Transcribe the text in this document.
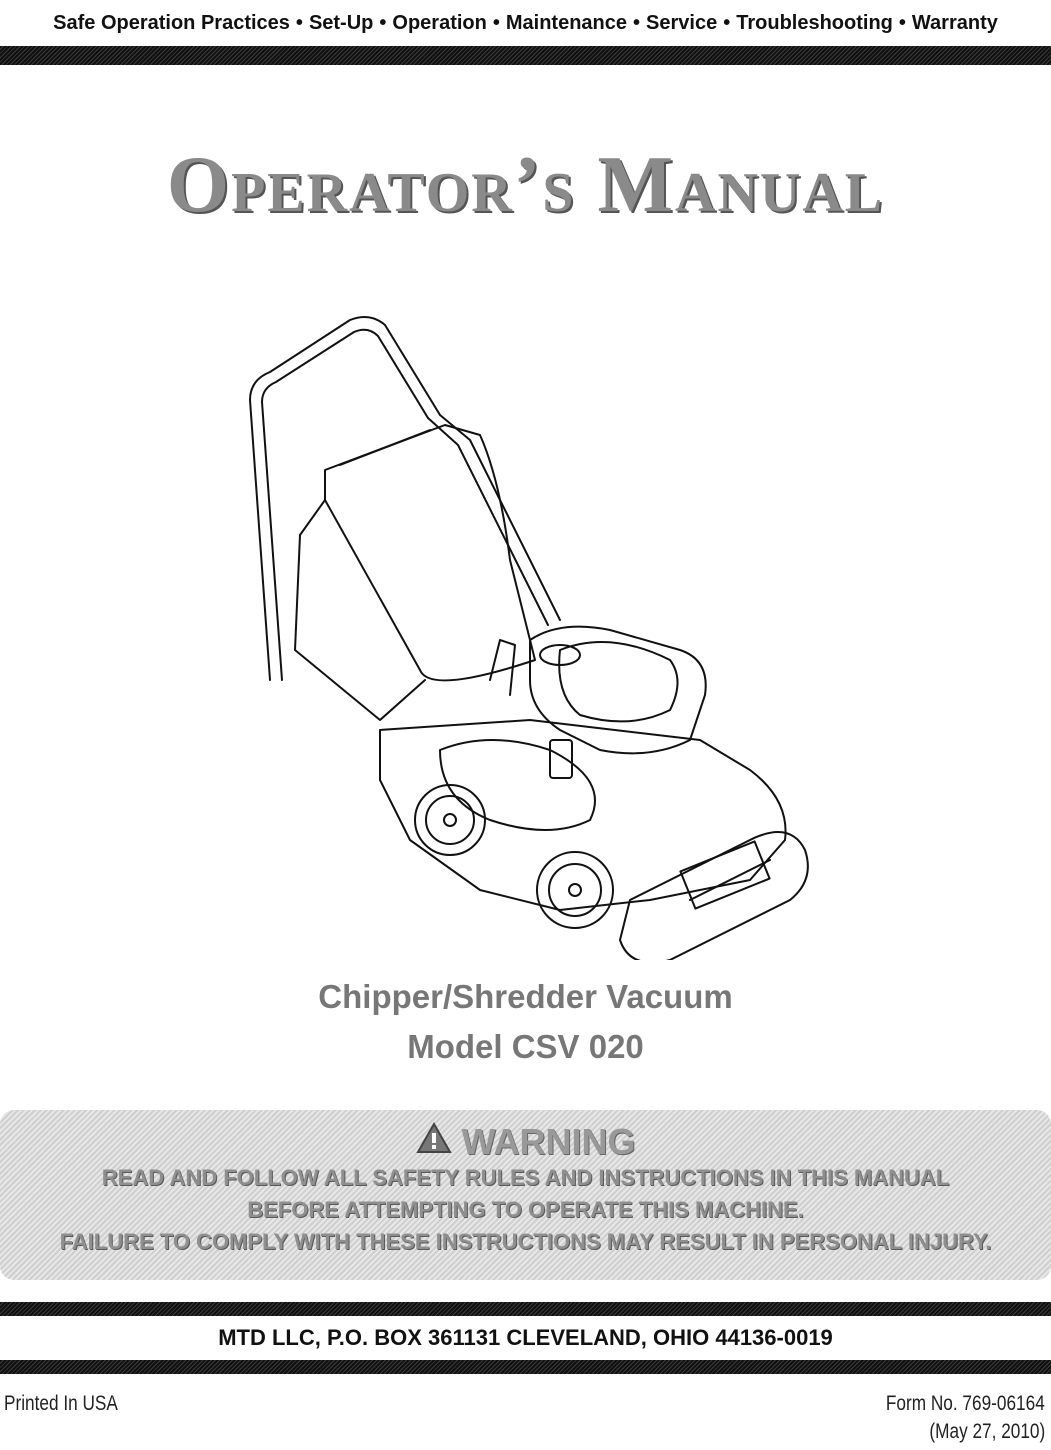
Safe Operation Practices • Set-Up • Operation • Maintenance • Service • Troubleshooting • Warranty
Operator’s Manual
Chipper/Shredder Vacuum
Model CSV 020
WARNING
READ AND FOLLOW ALL SAFETY RULES AND INSTRUCTIONS IN THIS MANUAL
BEFORE ATTEMPTING TO OPERATE THIS MACHINE.
FAILURE TO COMPLY WITH THESE INSTRUCTIONS MAY RESULT IN PERSONAL INJURY.
MTD LLC, P.O. BOX 361131 CLEVELAND, OHIO 44136-0019
Printed In USA	Form No. 769-06164
(May 27, 2010)
